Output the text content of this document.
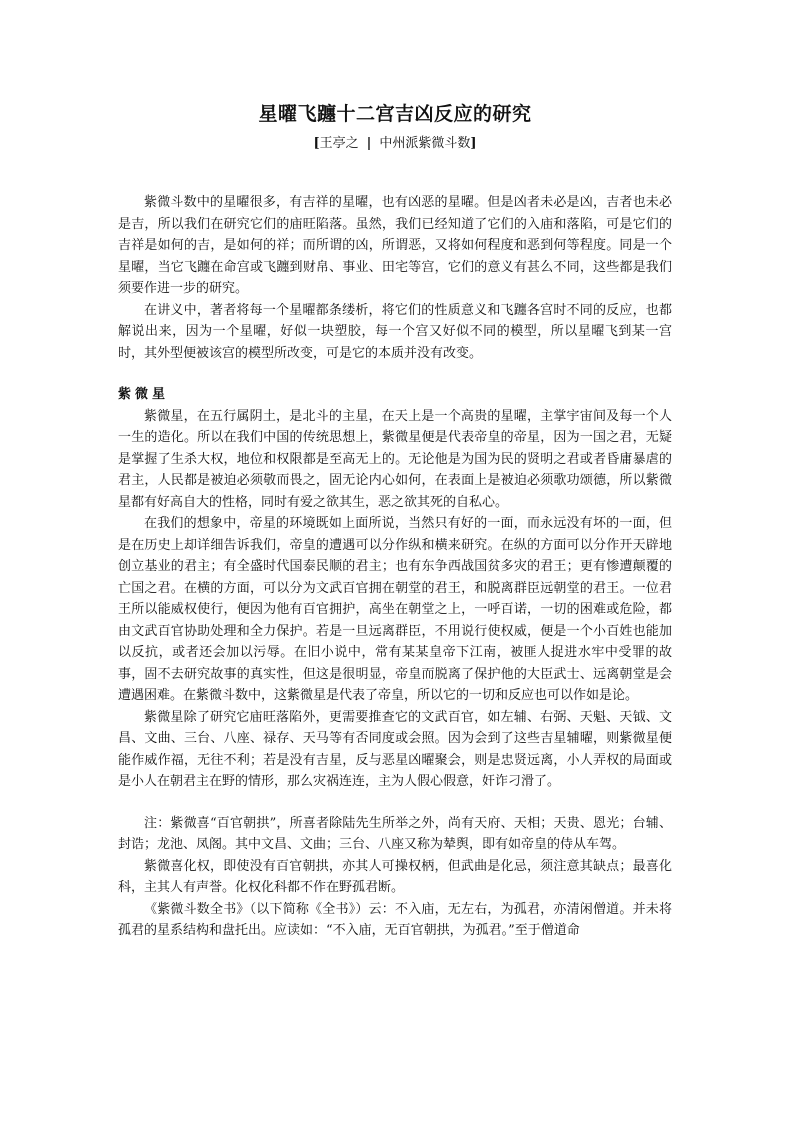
星曜飞躔十二宫吉凶反应的研究
[王亭之 | 中州派紫微斗数]

紫微斗数中的星曜很多，有吉祥的星曜，也有凶恶的星曜。但是凶者未必是凶，吉者也未必是吉，所以我们在研究它们的庙旺陷落。虽然，我们已经知道了它们的入庙和落陷，可是它们的吉祥是如何的吉，是如何的祥；而所谓的凶，所谓恶，又将如何程度和恶到何等程度。同是一个星曜，当它飞躔在命宫或飞躔到财帛、事业、田宅等宫，它们的意义有甚么不同，这些都是我们须要作进一步的研究。

在讲义中，著者将每一个星曜都条缕析，将它们的性质意义和飞躔各宫时不同的反应，也都解说出来，因为一个星曜，好似一块塑胶，每一个宫又好似不同的模型，所以星曜飞到某一宫时，其外型便被该宫的模型所改变，可是它的本质并没有改变。

紫微星

紫微星，在五行属阴土，是北斗的主星，在天上是一个高贵的星曜，主掌宇宙间及每一个人一生的造化。所以在我们中国的传统思想上，紫微星便是代表帝皇的帝星，因为一国之君，无疑是掌握了生杀大权，地位和权限都是至高无上的。无论他是为国为民的贤明之君或者昏庸暴虐的君主，人民都是被迫必须敬而畏之，固无论内心如何，在表面上是被迫必须歌功颂德，所以紫微星都有好高自大的性格，同时有爱之欲其生，恶之欲其死的自私心。

在我们的想象中，帝星的环境既如上面所说，当然只有好的一面，而永远没有坏的一面，但是在历史上却详细告诉我们，帝皇的遭遇可以分作纵和横来研究。在纵的方面可以分作开天辟地创立基业的君主；有全盛时代国泰民顺的君主；也有东争西战国贫多灾的君王；更有惨遭颠覆的亡国之君。在横的方面，可以分为文武百官拥在朝堂的君王，和脱离群臣远朝堂的君王。一位君王所以能威权使行，便因为他有百官拥护，高坐在朝堂之上，一呼百诺，一切的困难或危险，都由文武百官协助处理和全力保护。若是一旦远离群臣，不用说行使权威，便是一个小百姓也能加以反抗，或者还会加以污辱。在旧小说中，常有某某皇帝下江南，被匪人捉进水牢中受罪的故事，固不去研究故事的真实性，但这是很明显，帝皇而脱离了保护他的大臣武士、远离朝堂是会遭遇困难。在紫微斗数中，这紫微星是代表了帝皇，所以它的一切和反应也可以作如是论。

紫微星除了研究它庙旺落陷外，更需要推查它的文武百官，如左辅、右弼、天魁、天钺、文昌、文曲、三台、八座、禄存、天马等有否同度或会照。因为会到了这些吉星辅曜，则紫微星便能作威作福，无往不利；若是没有吉星，反与恶星凶曜聚会，则是忠贤远离，小人弄权的局面或是小人在朝君主在野的情形，那么灾祸连连，主为人假心假意，奸诈刁滑了。

注：紫微喜“百官朝拱”，所喜者除陆先生所举之外，尚有天府、天相；天贵、恩光；台辅、封诰；龙池、凤阁。其中文昌、文曲；三台、八座又称为辇舆，即有如帝皇的侍从车驾。

紫微喜化权，即使没有百官朝拱，亦其人可操权柄，但武曲是化忌，须注意其缺点；最喜化科，主其人有声誉。化权化科都不作在野孤君断。

《紫微斗数全书》（以下简称《全书》）云：不入庙，无左右，为孤君，亦清闲僧道。并未将孤君的星系结构和盘托出。应读如：“不入庙，无百官朝拱，为孤君。”至于僧道命
